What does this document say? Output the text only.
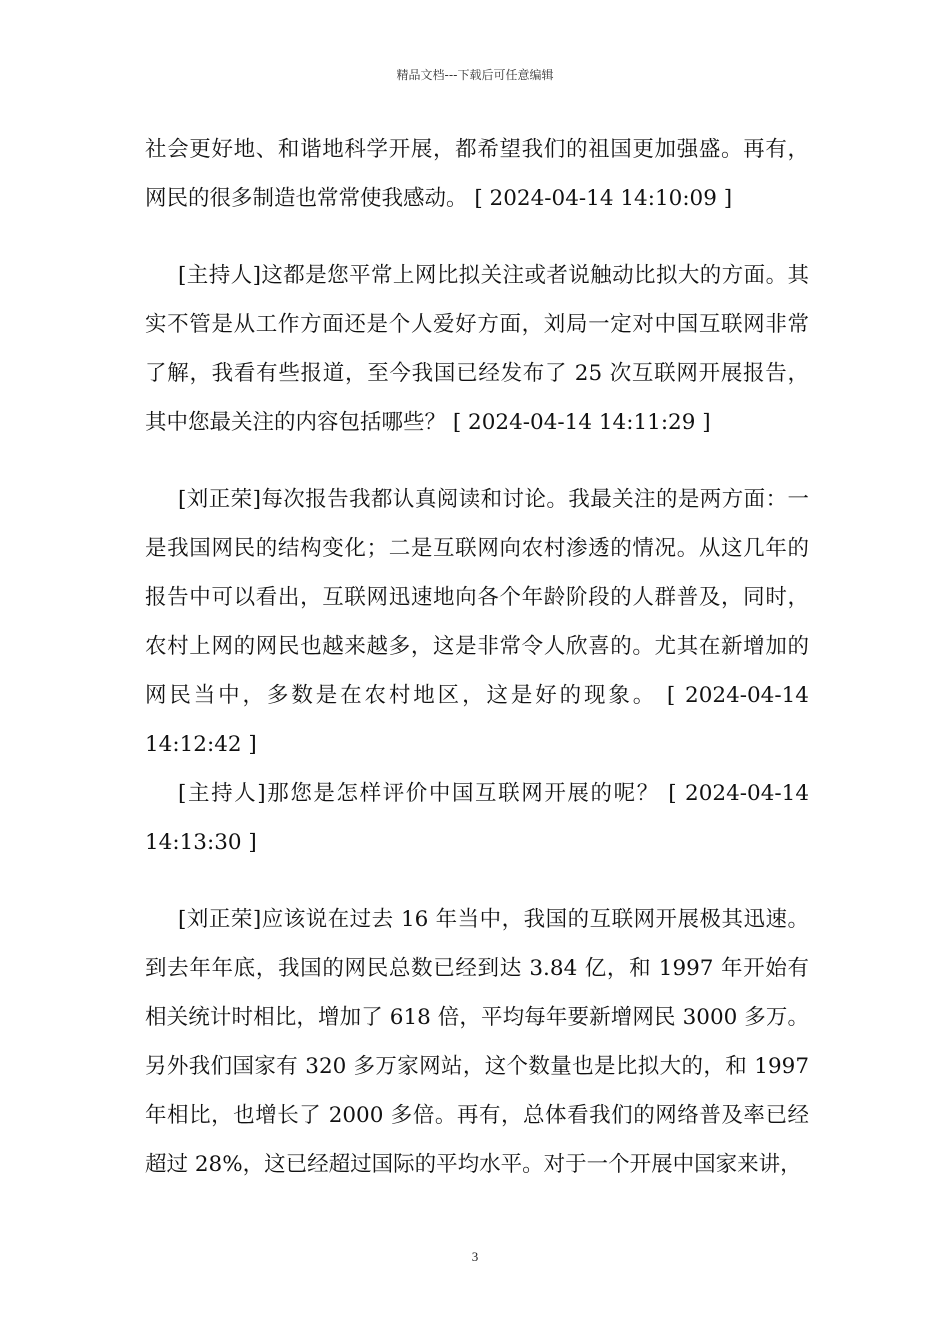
精品文档---下载后可任意编辑

社会更好地、和谐地科学开展，都希望我们的祖国更加强盛。再有，网民的很多制造也常常使我感动。 [ 2024-04-14 14:10:09 ]

[主持人]这都是您平常上网比拟关注或者说触动比拟大的方面。其实不管是从工作方面还是个人爱好方面，刘局一定对中国互联网非常了解，我看有些报道，至今我国已经发布了 25 次互联网开展报告，其中您最关注的内容包括哪些？ [ 2024-04-14 14:11:29 ]

[刘正荣]每次报告我都认真阅读和讨论。我最关注的是两方面：一是我国网民的结构变化；二是互联网向农村渗透的情况。从这几年的报告中可以看出，互联网迅速地向各个年龄阶段的人群普及，同时，农村上网的网民也越来越多，这是非常令人欣喜的。尤其在新增加的网民当中，多数是在农村地区，这是好的现象。 [ 2024-04-14 14:12:42 ]

[主持人]那您是怎样评价中国互联网开展的呢？ [ 2024-04-14 14:13:30 ]

[刘正荣]应该说在过去 16 年当中，我国的互联网开展极其迅速。到去年年底，我国的网民总数已经到达 3.84 亿，和 1997 年开始有相关统计时相比，增加了 618 倍，平均每年要新增网民 3000 多万。另外我们国家有 320 多万家网站，这个数量也是比拟大的，和 1997 年相比，也增长了 2000 多倍。再有，总体看我们的网络普及率已经超过 28%，这已经超过国际的平均水平。对于一个开展中国家来讲，

3
